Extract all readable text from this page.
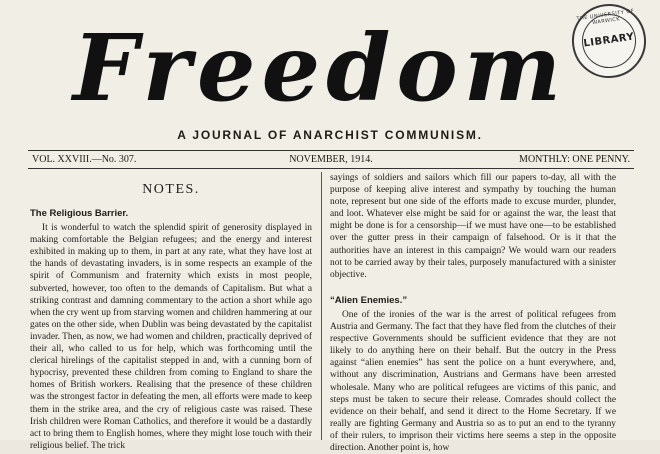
THE UNIVERSITY OF WARWICK
LIBRARY
Freedom
A JOURNAL OF ANARCHIST COMMUNISM.
VOL. XXVIII.—No. 307.	NOVEMBER, 1914.	MONTHLY: ONE PENNY.
NOTES.
The Religious Barrier.

It is wonderful to watch the splendid spirit of generosity displayed in making comfortable the Belgian refugees; and the energy and interest exhibited in making up to them, in part at any rate, what they have lost at the hands of devastating invaders, is in some respects an example of the spirit of Communism and fraternity which exists in most people, subverted, however, too often to the demands of Capitalism. But what a striking contrast and damning commentary to the action a short while ago when the cry went up from starving women and children hammering at our gates on the other side, when Dublin was being devastated by the capitalist invader. Then, as now, we had women and children, practically deprived of their all, who called to us for help, which was forthcoming until the clerical hirelings of the capitalist stepped in and, with a cunning born of hypocrisy, prevented these children from coming to England to share the homes of British workers. Realising that the presence of these children was the strongest factor in defeating the men, all efforts were made to keep them in the strike area, and the cry of religious caste was raised. These Irish children were Roman Catholics, and therefore it would be a dastardly act to bring them to English homes, where they might lose touch with their religious belief. The trick

sayings of soldiers and sailors which fill our papers to-day, all with the purpose of keeping alive interest and sympathy by touching the human note, represent but one side of the efforts made to excuse murder, plunder, and loot. Whatever else might be said for or against the war, the least that might be done is for a censorship—if we must have one—to be established over the gutter press in their campaign of falsehood. Or is it that the authorities have an interest in this campaign? We would warn our readers not to be carried away by their tales, purposely manufactured with a sinister objective.

“Alien Enemies.”

One of the ironies of the war is the arrest of political refugees from Austria and Germany. The fact that they have fled from the clutches of their respective Governments should be sufficient evidence that they are not likely to do anything here on their behalf. But the outcry in the Press against “alien enemies” has sent the police on a hunt everywhere, and, without any discrimination, Austrians and Germans have been arrested wholesale. Many who are political refugees are victims of this panic, and steps must be taken to secure their release. Comrades should collect the evidence on their behalf, and send it direct to the Home Secretary. If we really are fighting Germany and Austria so as to put an end to the tyranny of their rulers, to imprison their victims here seems a step in the opposite direction. Another point is, how
